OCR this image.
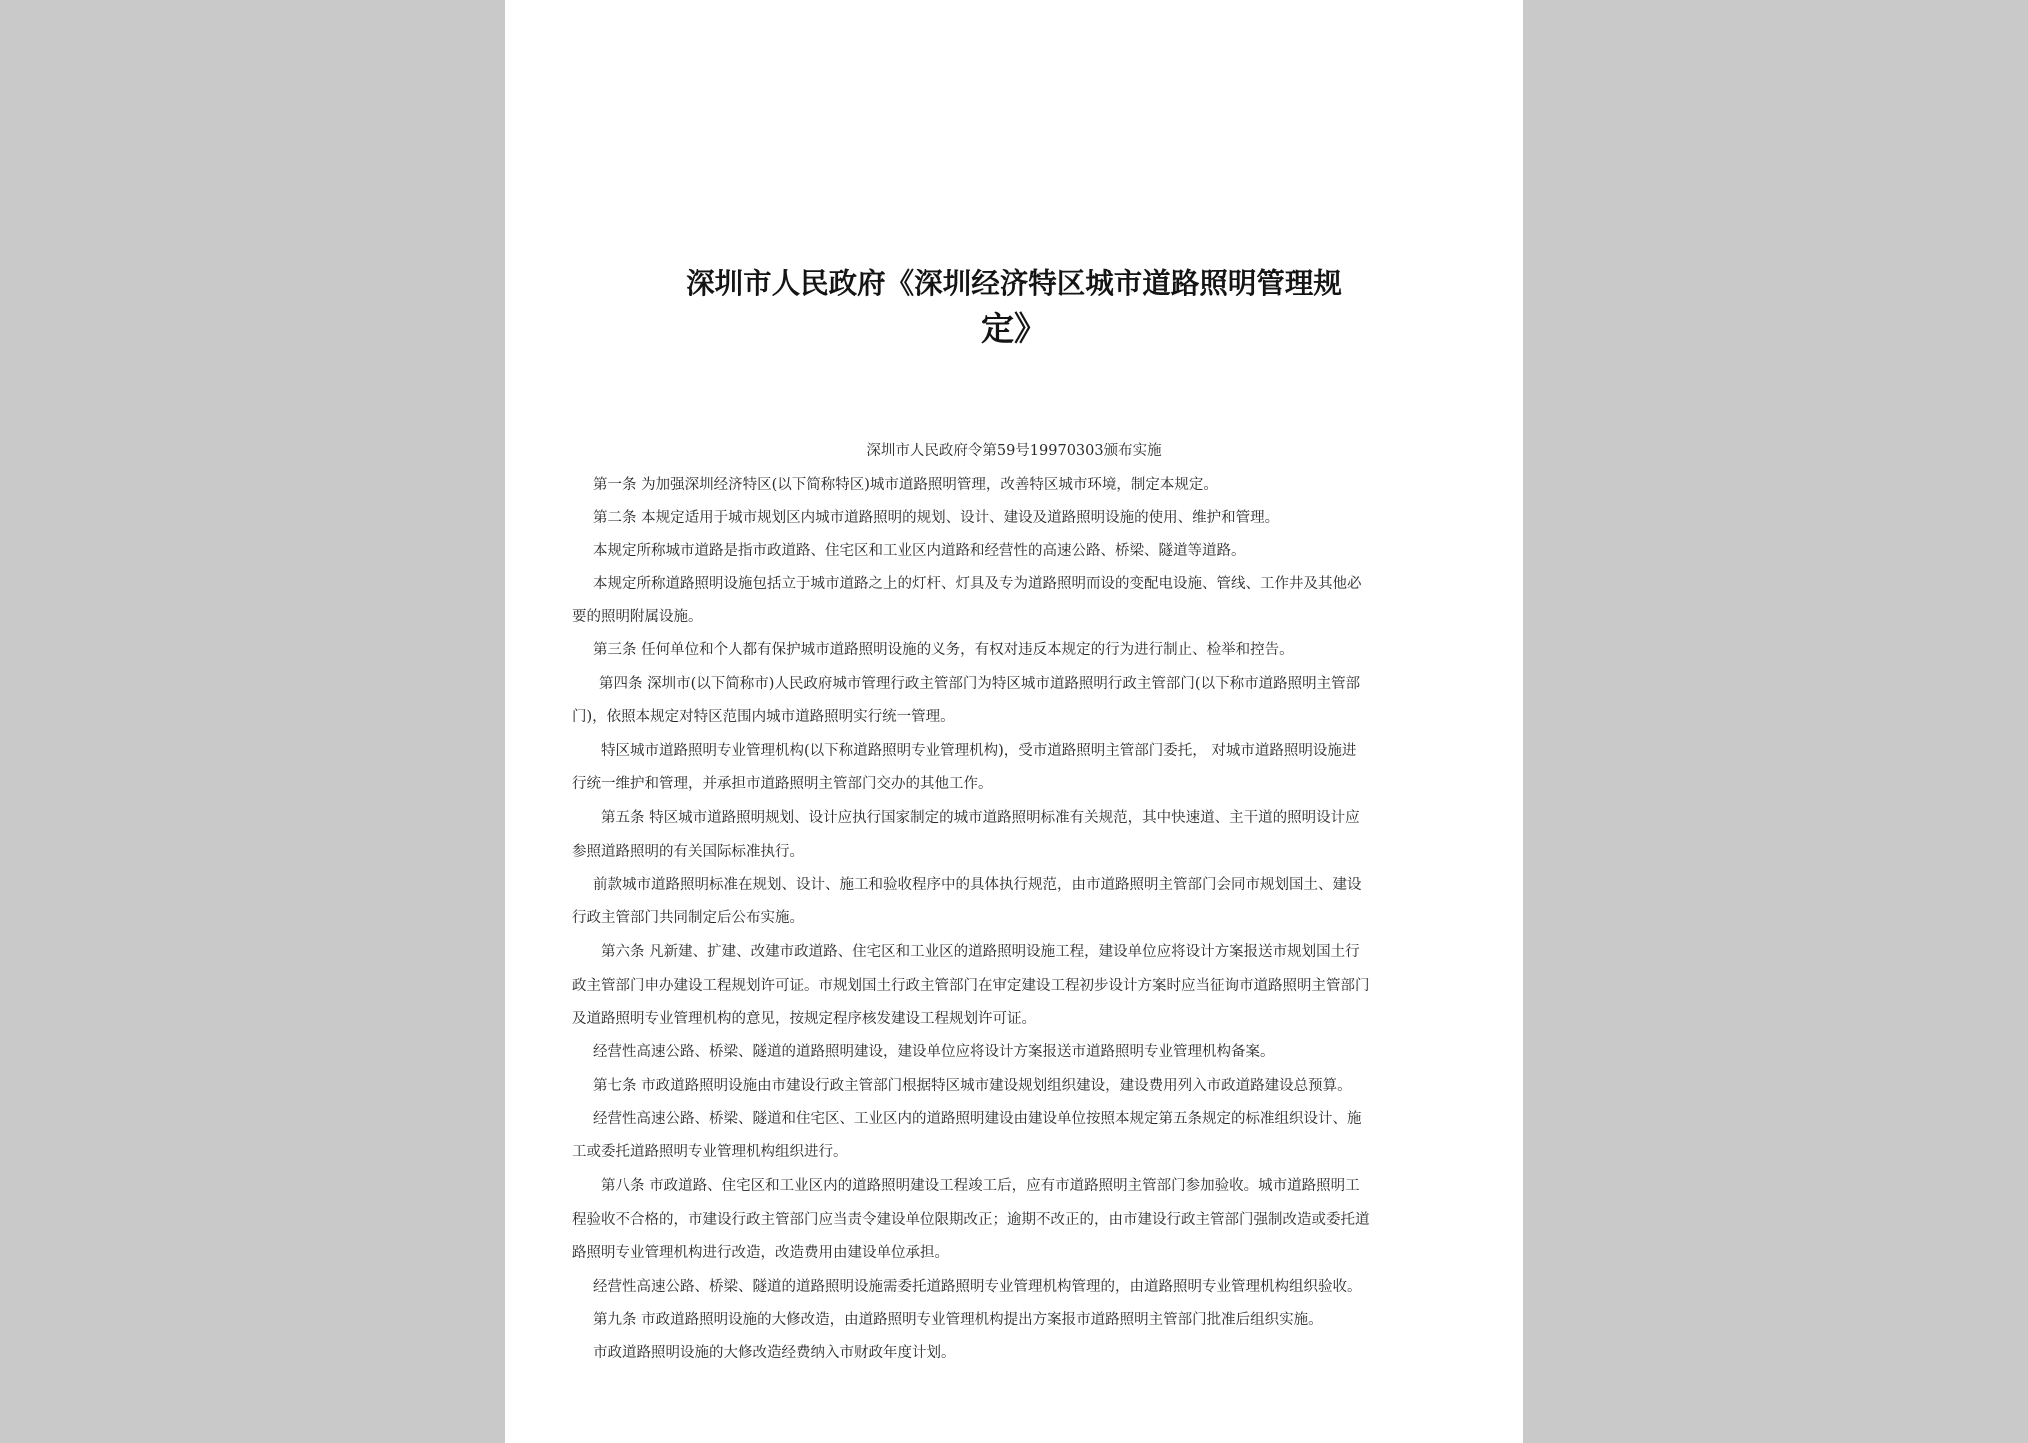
深圳市人民政府《深圳经济特区城市道路照明管理规
定》
深圳市人民政府令第59号19970303颁布实施
第一条 为加强深圳经济特区(以下简称特区)城市道路照明管理，改善特区城市环境，制定本规定。
第二条 本规定适用于城市规划区内城市道路照明的规划、设计、建设及道路照明设施的使用、维护和管理。
本规定所称城市道路是指市政道路、住宅区和工业区内道路和经营性的高速公路、桥梁、隧道等道路。
本规定所称道路照明设施包括立于城市道路之上的灯杆、灯具及专为道路照明而设的变配电设施、管线、工作井及其他必
要的照明附属设施。
第三条 任何单位和个人都有保护城市道路照明设施的义务，有权对违反本规定的行为进行制止、检举和控告。
第四条 深圳市(以下简称市)人民政府城市管理行政主管部门为特区城市道路照明行政主管部门(以下称市道路照明主管部
门)，依照本规定对特区范围内城市道路照明实行统一管理。
特区城市道路照明专业管理机构(以下称道路照明专业管理机构)，受市道路照明主管部门委托， 对城市道路照明设施进
行统一维护和管理，并承担市道路照明主管部门交办的其他工作。
第五条 特区城市道路照明规划、设计应执行国家制定的城市道路照明标准有关规范，其中快速道、主干道的照明设计应
参照道路照明的有关国际标准执行。
前款城市道路照明标准在规划、设计、施工和验收程序中的具体执行规范，由市道路照明主管部门会同市规划国土、建设
行政主管部门共同制定后公布实施。
第六条 凡新建、扩建、改建市政道路、住宅区和工业区的道路照明设施工程，建设单位应将设计方案报送市规划国土行
政主管部门申办建设工程规划许可证。市规划国土行政主管部门在审定建设工程初步设计方案时应当征询市道路照明主管部门
及道路照明专业管理机构的意见，按规定程序核发建设工程规划许可证。
经营性高速公路、桥梁、隧道的道路照明建设，建设单位应将设计方案报送市道路照明专业管理机构备案。
第七条 市政道路照明设施由市建设行政主管部门根据特区城市建设规划组织建设，建设费用列入市政道路建设总预算。
经营性高速公路、桥梁、隧道和住宅区、工业区内的道路照明建设由建设单位按照本规定第五条规定的标准组织设计、施
工或委托道路照明专业管理机构组织进行。
第八条 市政道路、住宅区和工业区内的道路照明建设工程竣工后，应有市道路照明主管部门参加验收。城市道路照明工
程验收不合格的，市建设行政主管部门应当责令建设单位限期改正；逾期不改正的，由市建设行政主管部门强制改造或委托道
路照明专业管理机构进行改造，改造费用由建设单位承担。
经营性高速公路、桥梁、隧道的道路照明设施需委托道路照明专业管理机构管理的，由道路照明专业管理机构组织验收。
第九条 市政道路照明设施的大修改造，由道路照明专业管理机构提出方案报市道路照明主管部门批准后组织实施。
市政道路照明设施的大修改造经费纳入市财政年度计划。
